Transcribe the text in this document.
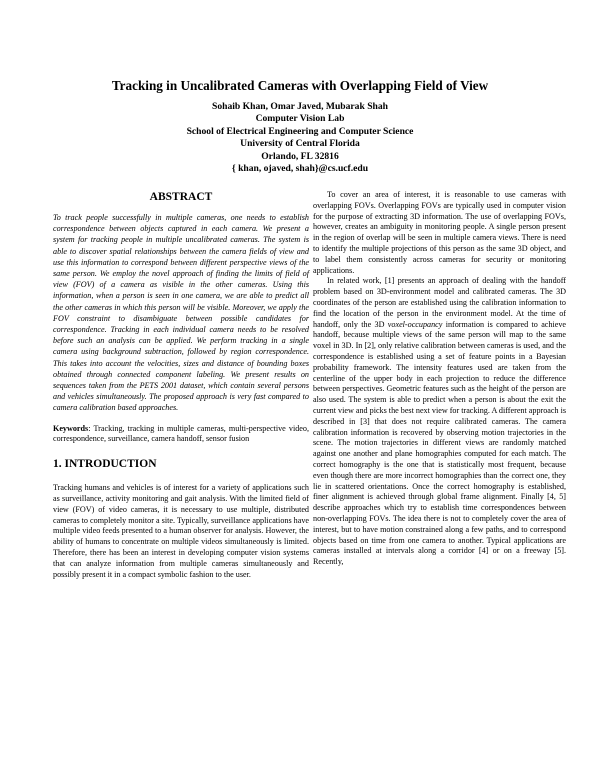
Tracking in Uncalibrated Cameras with Overlapping Field of View
Sohaib Khan, Omar Javed, Mubarak Shah
Computer Vision Lab
School of Electrical Engineering and Computer Science
University of Central Florida
Orlando, FL 32816
{ khan, ojaved, shah}@cs.ucf.edu
ABSTRACT
To track people successfully in multiple cameras, one needs to establish correspondence between objects captured in each camera. We present a system for tracking people in multiple uncalibrated cameras. The system is able to discover spatial relationships between the camera fields of view and use this information to correspond between different perspective views of the same person. We employ the novel approach of finding the limits of field of view (FOV) of a camera as visible in the other cameras. Using this information, when a person is seen in one camera, we are able to predict all the other cameras in which this person will be visible. Moreover, we apply the FOV constraint to disambiguate between possible candidates for correspondence. Tracking in each individual camera needs to be resolved before such an analysis can be applied. We perform tracking in a single camera using background subtraction, followed by region correspondence. This takes into account the velocities, sizes and distance of bounding boxes obtained through connected component labeling. We present results on sequences taken from the PETS 2001 dataset, which contain several persons and vehicles simultaneously. The proposed approach is very fast compared to camera calibration based approaches.
Keywords: Tracking, tracking in multiple cameras, multi-perspective video, correspondence, surveillance, camera handoff, sensor fusion
1. INTRODUCTION
Tracking humans and vehicles is of interest for a variety of applications such as surveillance, activity monitoring and gait analysis. With the limited field of view (FOV) of video cameras, it is necessary to use multiple, distributed cameras to completely monitor a site. Typically, surveillance applications have multiple video feeds presented to a human observer for analysis. However, the ability of humans to concentrate on multiple videos simultaneously is limited. Therefore, there has been an interest in developing computer vision systems that can analyze information from multiple cameras simultaneously and possibly present it in a compact symbolic fashion to the user.

To cover an area of interest, it is reasonable to use cameras with overlapping FOVs. Overlapping FOVs are typically used in computer vision for the purpose of extracting 3D information. The use of overlapping FOVs, however, creates an ambiguity in monitoring people. A single person present in the region of overlap will be seen in multiple camera views. There is need to identify the multiple projections of this person as the same 3D object, and to label them consistently across cameras for security or monitoring applications.

In related work, [1] presents an approach of dealing with the handoff problem based on 3D-environment model and calibrated cameras. The 3D coordinates of the person are established using the calibration information to find the location of the person in the environment model. At the time of handoff, only the 3D voxel-occupancy information is compared to achieve handoff, because multiple views of the same person will map to the same voxel in 3D. In [2], only relative calibration between cameras is used, and the correspondence is established using a set of feature points in a Bayesian probability framework. The intensity features used are taken from the centerline of the upper body in each projection to reduce the difference between perspectives. Geometric features such as the height of the person are also used. The system is able to predict when a person is about the exit the current view and picks the best next view for tracking. A different approach is described in [3] that does not require calibrated cameras. The camera calibration information is recovered by observing motion trajectories in the scene. The motion trajectories in different views are randomly matched against one another and plane homographies computed for each match. The correct homography is the one that is statistically most frequent, because even though there are more incorrect homographies than the correct one, they lie in scattered orientations. Once the correct homography is established, finer alignment is achieved through global frame alignment. Finally [4, 5] describe approaches which try to establish time correspondences between non-overlapping FOVs. The idea there is not to completely cover the area of interest, but to have motion constrained along a few paths, and to correspond objects based on time from one camera to another. Typical applications are cameras installed at intervals along a corridor [4] or on a freeway [5]. Recently,
